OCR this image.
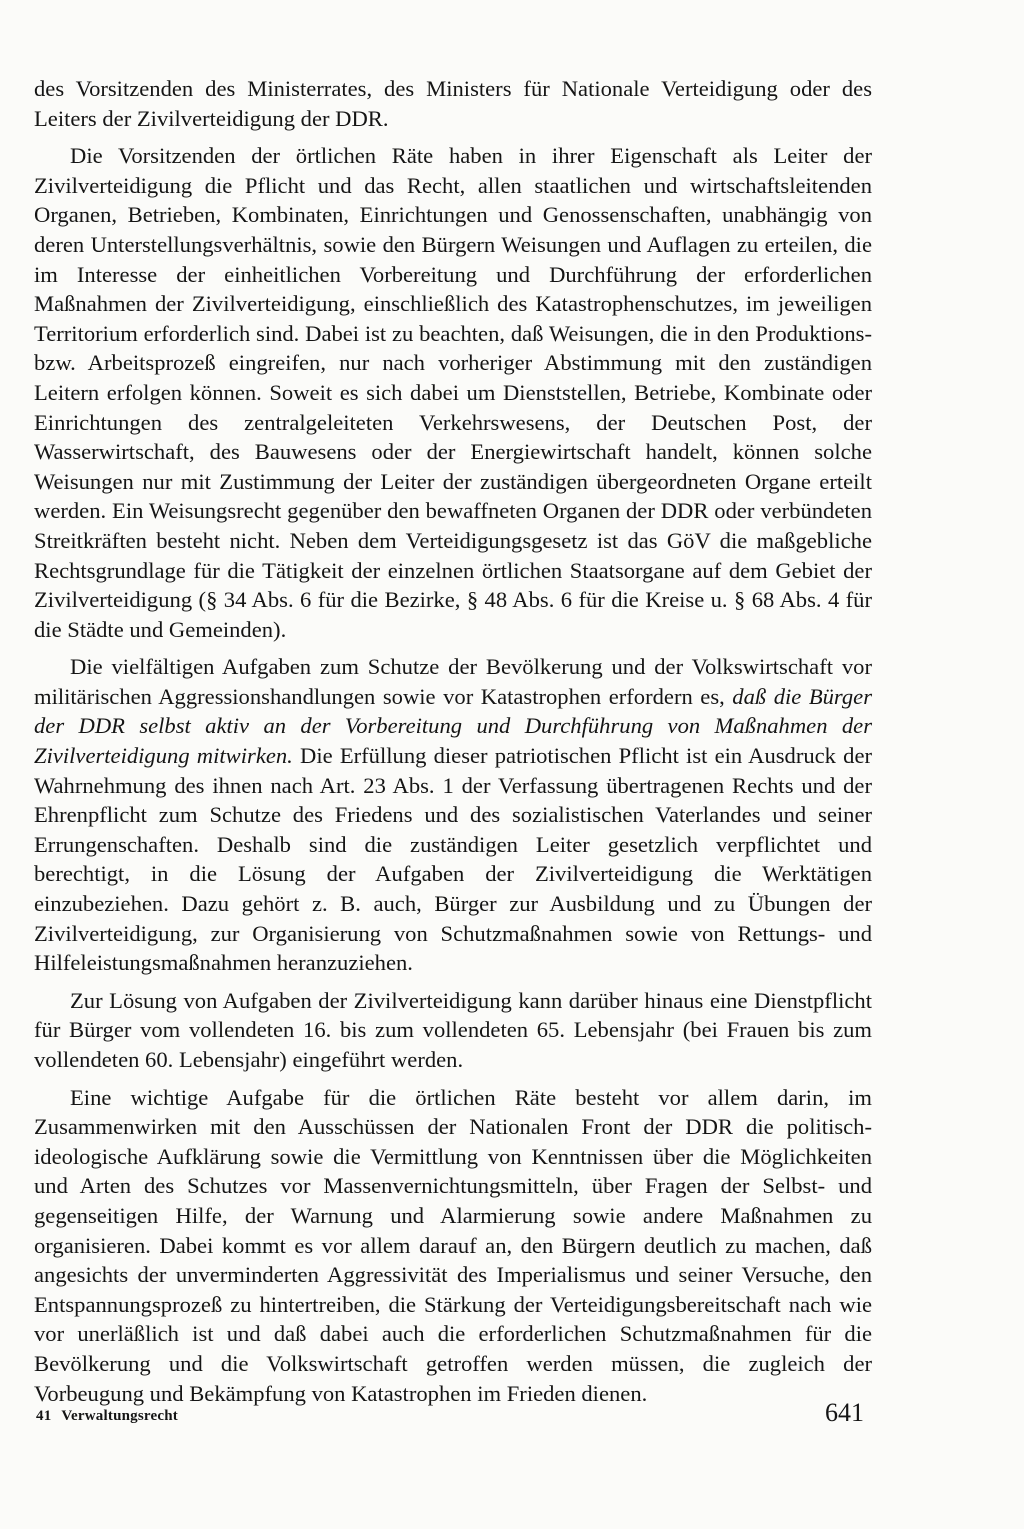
des Vorsitzenden des Ministerrates, des Ministers für Nationale Verteidigung oder des Leiters der Zivilverteidigung der DDR.

Die Vorsitzenden der örtlichen Räte haben in ihrer Eigenschaft als Leiter der Zivilverteidigung die Pflicht und das Recht, allen staatlichen und wirtschaftsleitenden Organen, Betrieben, Kombinaten, Einrichtungen und Genossenschaften, unabhängig von deren Unterstellungsverhältnis, sowie den Bürgern Weisungen und Auflagen zu erteilen, die im Interesse der einheitlichen Vorbereitung und Durchführung der erforderlichen Maßnahmen der Zivilverteidigung, einschließlich des Katastrophenschutzes, im jeweiligen Territorium erforderlich sind. Dabei ist zu beachten, daß Weisungen, die in den Produktions- bzw. Arbeitsprozeß eingreifen, nur nach vorheriger Abstimmung mit den zuständigen Leitern erfolgen können. Soweit es sich dabei um Dienststellen, Betriebe, Kombinate oder Einrichtungen des zentralgeleiteten Verkehrswesens, der Deutschen Post, der Wasserwirtschaft, des Bauwesens oder der Energiewirtschaft handelt, können solche Weisungen nur mit Zustimmung der Leiter der zuständigen übergeordneten Organe erteilt werden. Ein Weisungsrecht gegenüber den bewaffneten Organen der DDR oder verbündeten Streitkräften besteht nicht. Neben dem Verteidigungsgesetz ist das GöV die maßgebliche Rechtsgrundlage für die Tätigkeit der einzelnen örtlichen Staatsorgane auf dem Gebiet der Zivilverteidigung (§ 34 Abs. 6 für die Bezirke, § 48 Abs. 6 für die Kreise u. § 68 Abs. 4 für die Städte und Gemeinden).

Die vielfältigen Aufgaben zum Schutze der Bevölkerung und der Volkswirtschaft vor militärischen Aggressionshandlungen sowie vor Katastrophen erfordern es, daß die Bürger der DDR selbst aktiv an der Vorbereitung und Durchführung von Maßnahmen der Zivilverteidigung mitwirken. Die Erfüllung dieser patriotischen Pflicht ist ein Ausdruck der Wahrnehmung des ihnen nach Art. 23 Abs. 1 der Verfassung übertragenen Rechts und der Ehrenpflicht zum Schutze des Friedens und des sozialistischen Vaterlandes und seiner Errungenschaften. Deshalb sind die zuständigen Leiter gesetzlich verpflichtet und berechtigt, in die Lösung der Aufgaben der Zivilverteidigung die Werktätigen einzubeziehen. Dazu gehört z. B. auch, Bürger zur Ausbildung und zu Übungen der Zivilverteidigung, zur Organisierung von Schutzmaßnahmen sowie von Rettungs- und Hilfeleistungsmaßnahmen heranzuziehen.

Zur Lösung von Aufgaben der Zivilverteidigung kann darüber hinaus eine Dienstpflicht für Bürger vom vollendeten 16. bis zum vollendeten 65. Lebensjahr (bei Frauen bis zum vollendeten 60. Lebensjahr) eingeführt werden.

Eine wichtige Aufgabe für die örtlichen Räte besteht vor allem darin, im Zusammenwirken mit den Ausschüssen der Nationalen Front der DDR die politisch-ideologische Aufklärung sowie die Vermittlung von Kenntnissen über die Möglichkeiten und Arten des Schutzes vor Massenvernichtungsmitteln, über Fragen der Selbst- und gegenseitigen Hilfe, der Warnung und Alarmierung sowie andere Maßnahmen zu organisieren. Dabei kommt es vor allem darauf an, den Bürgern deutlich zu machen, daß angesichts der unverminderten Aggressivität des Imperialismus und seiner Versuche, den Entspannungsprozeß zu hintertreiben, die Stärkung der Verteidigungsbereitschaft nach wie vor unerläßlich ist und daß dabei auch die erforderlichen Schutzmaßnahmen für die Bevölkerung und die Volkswirtschaft getroffen werden müssen, die zugleich der Vorbeugung und Bekämpfung von Katastrophen im Frieden dienen.

41 Verwaltungsrecht	641
